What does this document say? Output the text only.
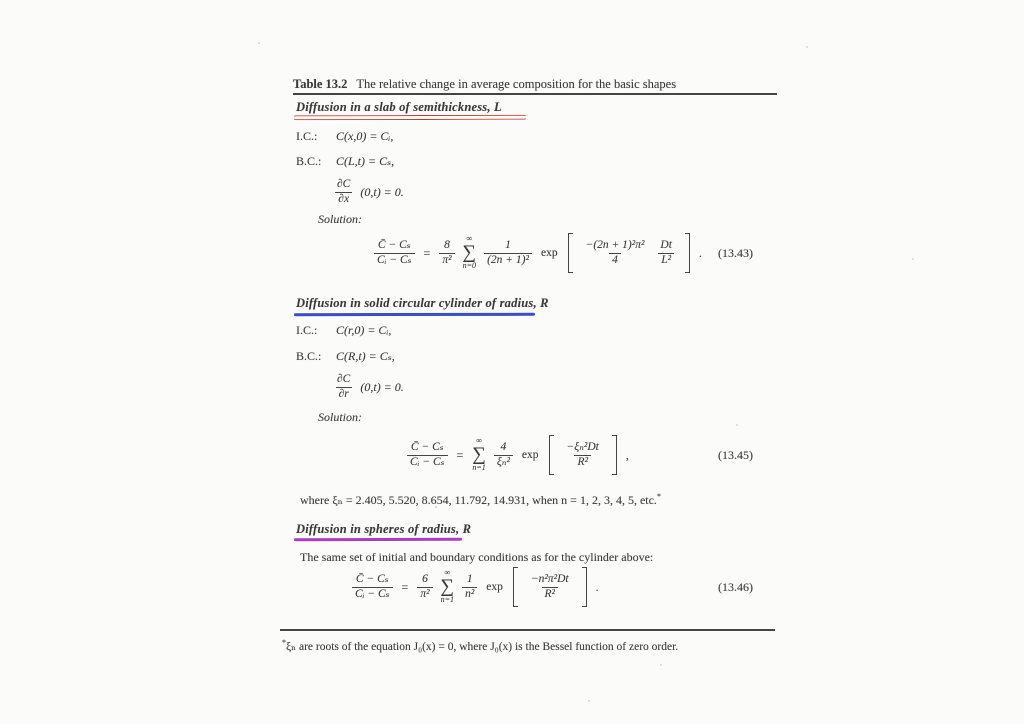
Table 13.2 The relative change in average composition for the basic shapes
Diffusion in a slab of semithickness, L
I.C.: C(x,0) = Cᵢ,
B.C.: C(L,t) = Cₛ,
$\frac{\partial C}{\partial x} (0,t) = 0$.
Solution:
$\frac{\text{C̄ − Cₛ}}{\text{Cᵢ − Cₛ}} = \frac{8}{\text{π²}}$
∞
∑
$n=0 \frac{1}{\text{(2n + 1)²}}$ $\exp \frac{\text{−(2n + 1)²π²}}{4} \frac{Dt}{\text{L²}}$ . (13.43)
Diffusion in solid circular cylinder of radius, R
I.C.: C(r,0) = Cᵢ,
B.C.: C(R,t) = Cₛ,
$\frac{\partial C}{\partial r} (0,t) = 0$.
Solution:
$\frac{\text{C̄ − Cₛ}}{\text{Cᵢ − Cₛ}}$ =
∞
∑
$n=1 \frac{4}{\text{ξₙ²}}$ $\exp \frac{\text{−ξₙ²Dt}}{\text{R²}}$ ,	(13.45)
where ξₙ = 2.405, 5.520, 8.654, 11.792, 14.931, when n = 1, 2, 3, 4, 5, etc.*
Diffusion in spheres of radius, R
The same set of initial and boundary conditions as for the cylinder above:
$\frac{\text{C̄ − Cₛ}}{\text{Cᵢ − Cₛ}} = \frac{6}{\text{π²}}$
∞
∑
$n=1 \frac{1}{\text{n²}}$ $\exp \frac{\text{−n²π²Dt}}{\text{R²}}$ .	(13.46)
*ξₙ are roots of the equation J₀(x) = 0, where J₀(x) is the Bessel function of zero order.
